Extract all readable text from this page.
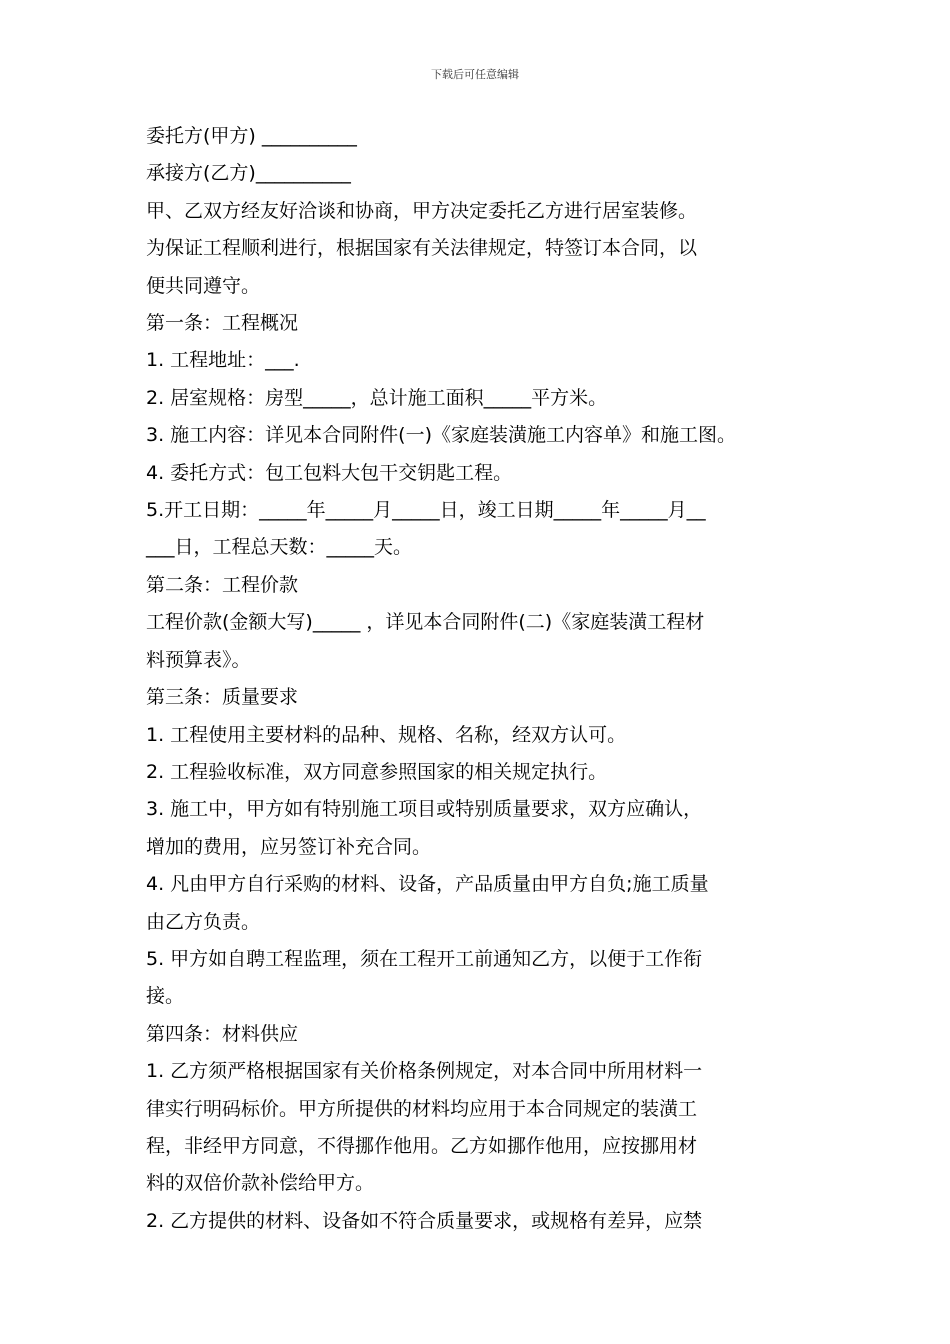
下载后可任意编辑

委托方(甲方) __________

承接方(乙方)__________

甲、乙双方经友好洽谈和协商，甲方决定委托乙方进行居室装修。

为保证工程顺利进行，根据国家有关法律规定，特签订本合同，以

便共同遵守。

第一条：工程概况

1. 工程地址：___.

2. 居室规格：房型_____，总计施工面积_____平方米。

3. 施工内容：详见本合同附件(一)《家庭装潢施工内容单》和施工图。

4. 委托方式：包工包料大包干交钥匙工程。

5.开工日期：_____年_____月_____日，竣工日期_____年_____月__

___日，工程总天数：_____天。

第二条：工程价款

工程价款(金额大写)_____ ，详见本合同附件(二)《家庭装潢工程材

料预算表》。

第三条：质量要求

1. 工程使用主要材料的品种、规格、名称，经双方认可。

2. 工程验收标准，双方同意参照国家的相关规定执行。

3. 施工中，甲方如有特别施工项目或特别质量要求，双方应确认，

增加的费用，应另签订补充合同。

4. 凡由甲方自行采购的材料、设备，产品质量由甲方自负;施工质量

由乙方负责。

5. 甲方如自聘工程监理，须在工程开工前通知乙方，以便于工作衔

接。

第四条：材料供应

1. 乙方须严格根据国家有关价格条例规定，对本合同中所用材料一

律实行明码标价。甲方所提供的材料均应用于本合同规定的装潢工

程，非经甲方同意，不得挪作他用。乙方如挪作他用，应按挪用材

料的双倍价款补偿给甲方。

2. 乙方提供的材料、设备如不符合质量要求，或规格有差异，应禁
